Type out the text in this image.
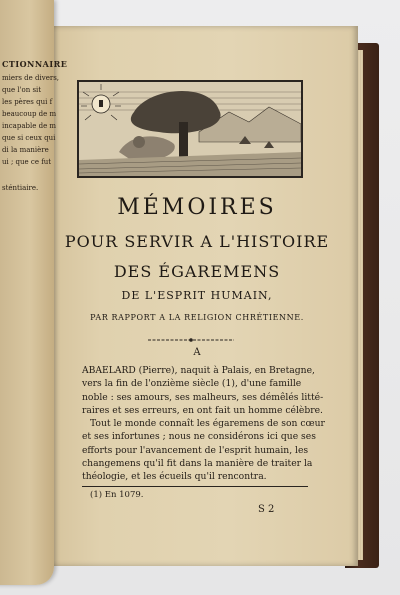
CTIONNAIRE
miers de divers,
que l'on sit
les pères qui f
beaucoup de m
incapable de m
que si ceux qui
di la manière
ui ; que ce fut
sténtiaire.
MÉMOIRES
POUR SERVIR A L'HISTOIRE
DES ÉGAREMENS
DE L'ESPRIT HUMAIN,
PAR RAPPORT A LA RELIGION CHRÉTIENNE.
A

ABAELARD (Pierre), naquit à Palais, en Bretagne,
vers la fin de l'onzième siècle (1), d'une famille
noble : ses amours, ses malheurs, ses démêlés litté-
raires et ses erreurs, en ont fait un homme célèbre.

Tout le monde connaît les égaremens de son cœur
et ses infortunes ; nous ne considérons ici que ses
efforts pour l'avancement de l'esprit humain, les
changemens qu'il fit dans la manière de traiter la
théologie, et les écueils qu'il rencontra.

(1) En 1079.
S 2
